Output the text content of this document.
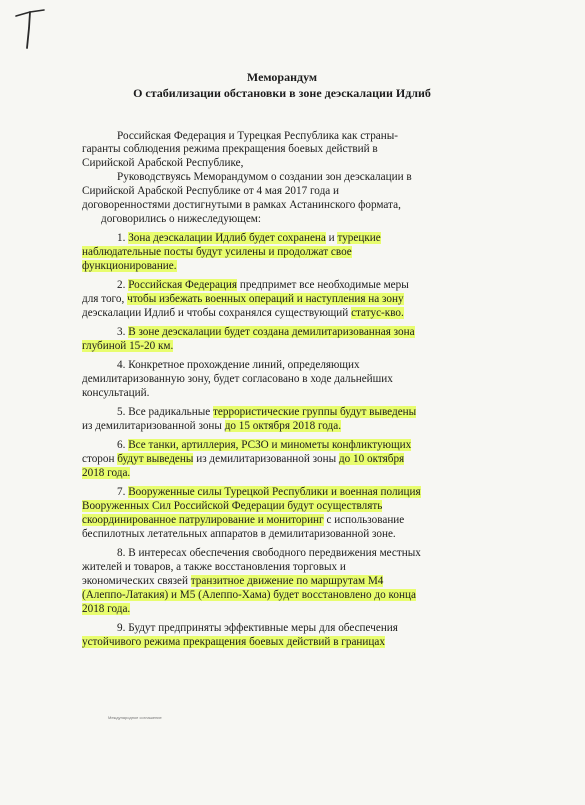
Меморандум
О стабилизации обстановки в зоне деэскалации Идлиб
Российская Федерация и Турецкая Республика как страны-
гаранты соблюдения режима прекращения боевых действий в
Сирийской Арабской Республике,
Руководствуясь Меморандумом о создании зон деэскалации в
Сирийской Арабской Республике от 4 мая 2017 года и
договоренностями достигнутыми в рамках Астанинского формата,
договорились о нижеследующем:
1. Зона деэскалации Идлиб будет сохранена и турецкие
наблюдательные посты будут усилены и продолжат свое
функционирование.
2. Российская Федерация предпримет все необходимые меры
для того, чтобы избежать военных операций и наступления на зону
деэскалации Идлиб и чтобы сохранялся существующий статус-кво.
3. В зоне деэскалации будет создана демилитаризованная зона
глубиной 15-20 км.
4. Конкретное прохождение линий, определяющих
демилитаризованную зону, будет согласовано в ходе дальнейших
консультаций.
5. Все радикальные террористические группы будут выведены
из демилитаризованной зоны до 15 октября 2018 года.
6. Все танки, артиллерия, РСЗО и минометы конфликтующих
сторон будут выведены из демилитаризованной зоны до 10 октября
2018 года.
7. Вооруженные силы Турецкой Республики и военная полиция
Вооруженных Сил Российской Федерации будут осуществлять
скоординированное патрулирование и мониторинг с использование
беспилотных летательных аппаратов в демилитаризованной зоне.
8. В интересах обеспечения свободного передвижения местных
жителей и товаров, а также восстановления торговых и
экономических связей транзитное движение по маршрутам М4
(Алеппо-Латакия) и М5 (Алеппо-Хама) будет восстановлено до конца
2018 года.
9. Будут предприняты эффективные меры для обеспечения
устойчивого режима прекращения боевых действий в границах
Международное соглашение
